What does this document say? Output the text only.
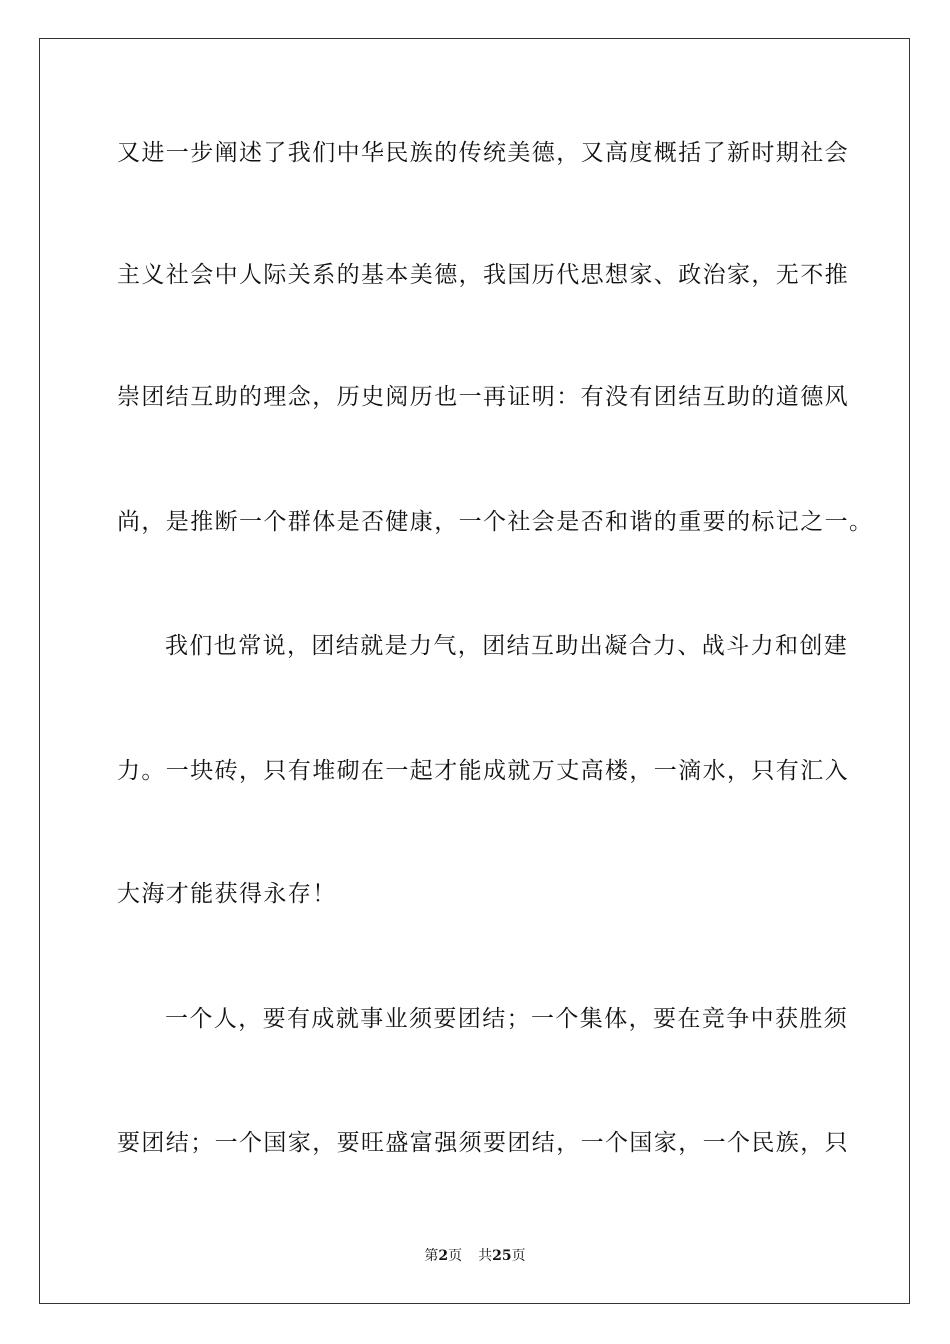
又进一步阐述了我们中华民族的传统美德，又高度概括了新时期社会
主义社会中人际关系的基本美德，我国历代思想家、政治家，无不推
崇团结互助的理念，历史阅历也一再证明：有没有团结互助的道德风
尚，是推断一个群体是否健康，一个社会是否和谐的重要的标记之一。
我们也常说，团结就是力气，团结互助出凝合力、战斗力和创建
力。一块砖，只有堆砌在一起才能成就万丈高楼，一滴水，只有汇入
大海才能获得永存！
一个人，要有成就事业须要团结；一个集体，要在竞争中获胜须
要团结；一个国家，要旺盛富强须要团结，一个国家，一个民族，只
第2页 共25页
